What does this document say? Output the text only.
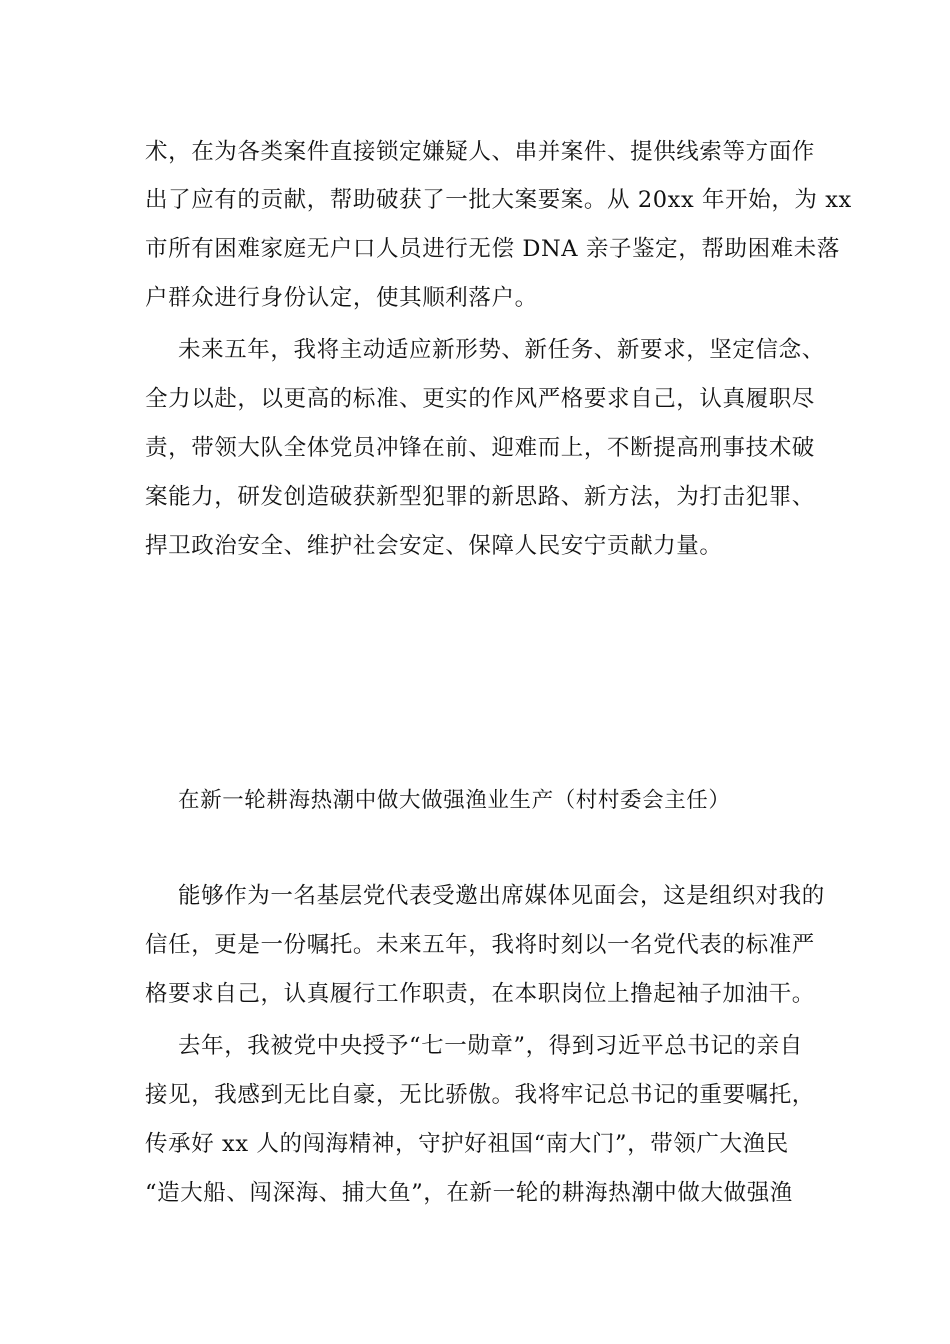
术，在为各类案件直接锁定嫌疑人、串并案件、提供线索等方面作
出了应有的贡献，帮助破获了一批大案要案。从 20xx 年开始，为 xx
市所有困难家庭无户口人员进行无偿 DNA 亲子鉴定，帮助困难未落
户群众进行身份认定，使其顺利落户。
未来五年，我将主动适应新形势、新任务、新要求，坚定信念、
全力以赴，以更高的标准、更实的作风严格要求自己，认真履职尽
责，带领大队全体党员冲锋在前、迎难而上，不断提高刑事技术破
案能力，研发创造破获新型犯罪的新思路、新方法，为打击犯罪、
捍卫政治安全、维护社会安定、保障人民安宁贡献力量。
在新一轮耕海热潮中做大做强渔业生产（村村委会主任）
能够作为一名基层党代表受邀出席媒体见面会，这是组织对我的
信任，更是一份嘱托。未来五年，我将时刻以一名党代表的标准严
格要求自己，认真履行工作职责，在本职岗位上撸起袖子加油干。
去年，我被党中央授予“七一勋章”，得到习近平总书记的亲自
接见，我感到无比自豪，无比骄傲。我将牢记总书记的重要嘱托，
传承好 xx 人的闯海精神，守护好祖国“南大门”，带领广大渔民
“造大船、闯深海、捕大鱼”，在新一轮的耕海热潮中做大做强渔
